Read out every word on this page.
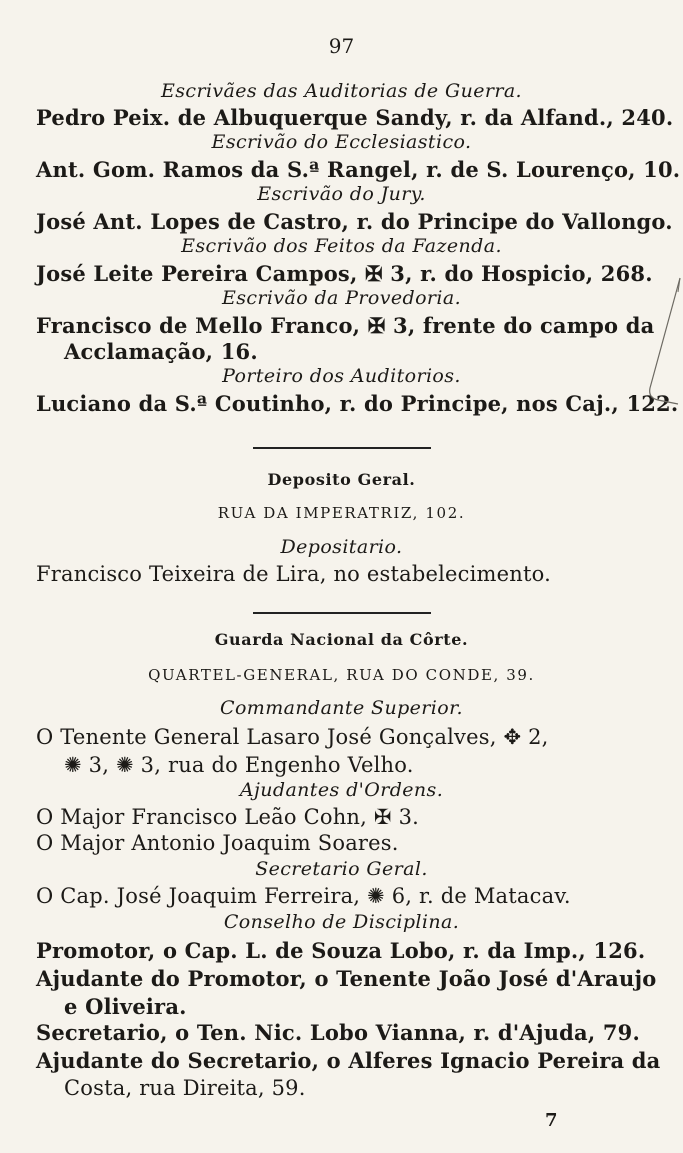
97
Escrivães das Auditorias de Guerra.
Pedro Peix. de Albuquerque Sandy, r. da Alfand., 240.
Escrivão do Ecclesiastico.
Ant. Gom. Ramos da S.ª Rangel, r. de S. Lourenço, 10.
Escrivão do Jury.
José Ant. Lopes de Castro, r. do Principe do Vallongo.
Escrivão dos Feitos da Fazenda.
José Leite Pereira Campos, ✠ 3, r. do Hospicio, 268.
Escrivão da Provedoria.
Francisco de Mello Franco, ✠ 3, frente do campo da
Acclamação, 16.
Porteiro dos Auditorios.
Luciano da S.ª Coutinho, r. do Principe, nos Caj., 122.
Deposito Geral.
RUA DA IMPERATRIZ, 102.
Depositario.
Francisco Teixeira de Lira, no estabelecimento.
Guarda Nacional da Côrte.
QUARTEL-GENERAL, RUA DO CONDE, 39.
Commandante Superior.
O Tenente General Lasaro José Gonçalves, ✥ 2,
✺ 3, ✺ 3, rua do Engenho Velho.
Ajudantes d'Ordens.
O Major Francisco Leão Cohn, ✠ 3.
O Major Antonio Joaquim Soares.
Secretario Geral.
O Cap. José Joaquim Ferreira, ✺ 6, r. de Matacav.
Conselho de Disciplina.
Promotor, o Cap. L. de Souza Lobo, r. da Imp., 126.
Ajudante do Promotor, o Tenente João José d'Araujo
e Oliveira.
Secretario, o Ten. Nic. Lobo Vianna, r. d'Ajuda, 79.
Ajudante do Secretario, o Alferes Ignacio Pereira da
Costa, rua Direita, 59.
7
